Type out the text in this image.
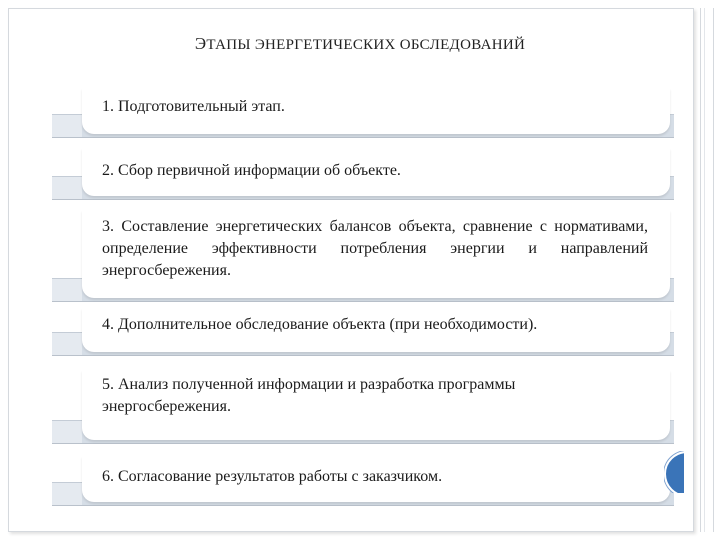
ЭТАПЫ ЭНЕРГЕТИЧЕСКИХ ОБСЛЕДОВАНИЙ
1. Подготовительный этап.
2. Сбор первичной информации об объекте.
3. Составление энергетических балансов объекта, сравнение с нормативами, определение эффективности потребления энергии и направлений энергосбережения.
4. Дополнительное обследование объекта (при необходимости).
5. Анализ полученной информации и разработка программы энергосбережения.
6. Согласование результатов работы с заказчиком.
